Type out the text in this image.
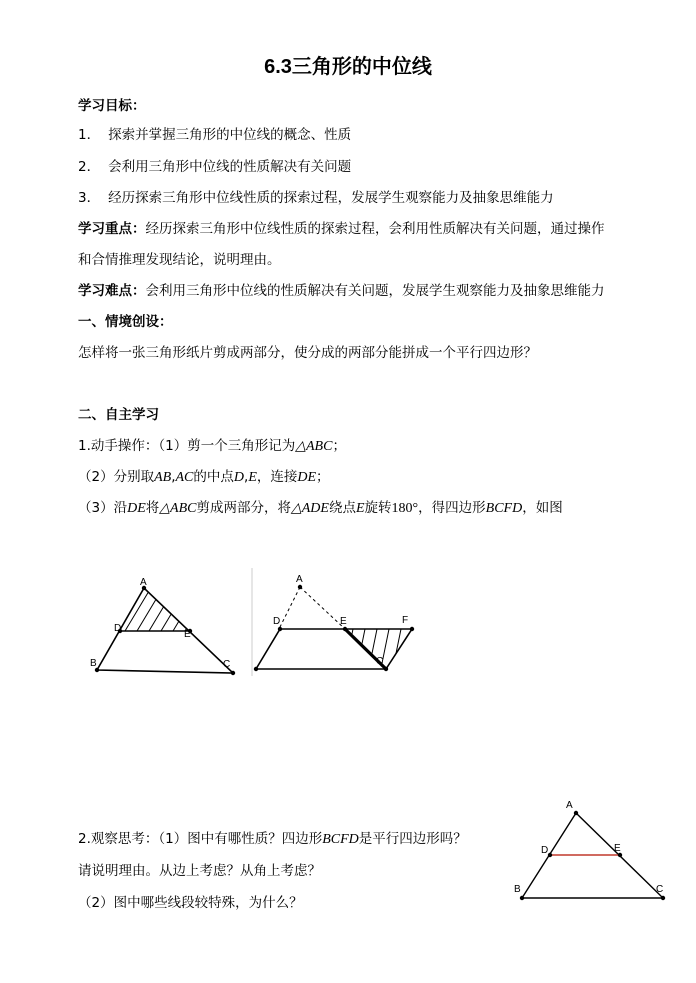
6.3三角形的中位线
学习目标：
1． 探索并掌握三角形的中位线的概念、性质
2． 会利用三角形中位线的性质解决有关问题
3． 经历探索三角形中位线性质的探索过程，发展学生观察能力及抽象思维能力
学习重点：经历探索三角形中位线性质的探索过程，会利用性质解决有关问题，通过操作
和合情推理发现结论，说明理由。
学习难点：会利用三角形中位线的性质解决有关问题，发展学生观察能力及抽象思维能力
一、情境创设：
怎样将一张三角形纸片剪成两部分，使分成的两部分能拼成一个平行四边形？
二、自主学习
1.动手操作：（1）剪一个三角形记为△ABC；
（2）分别取AB,AC的中点D,E，连接DE；
（3）沿DE将△ABC剪成两部分，将△ADE绕点E旋转180°，得四边形BCFD，如图
A
D
E
B	C
A
D	E	F
C
2.观察思考：（1）图中有哪性质？四边形BCFD是平行四边形吗？
请说明理由。从边上考虑？从角上考虑？
（2）图中哪些线段较特殊，为什么？
A
D	E
B	C
